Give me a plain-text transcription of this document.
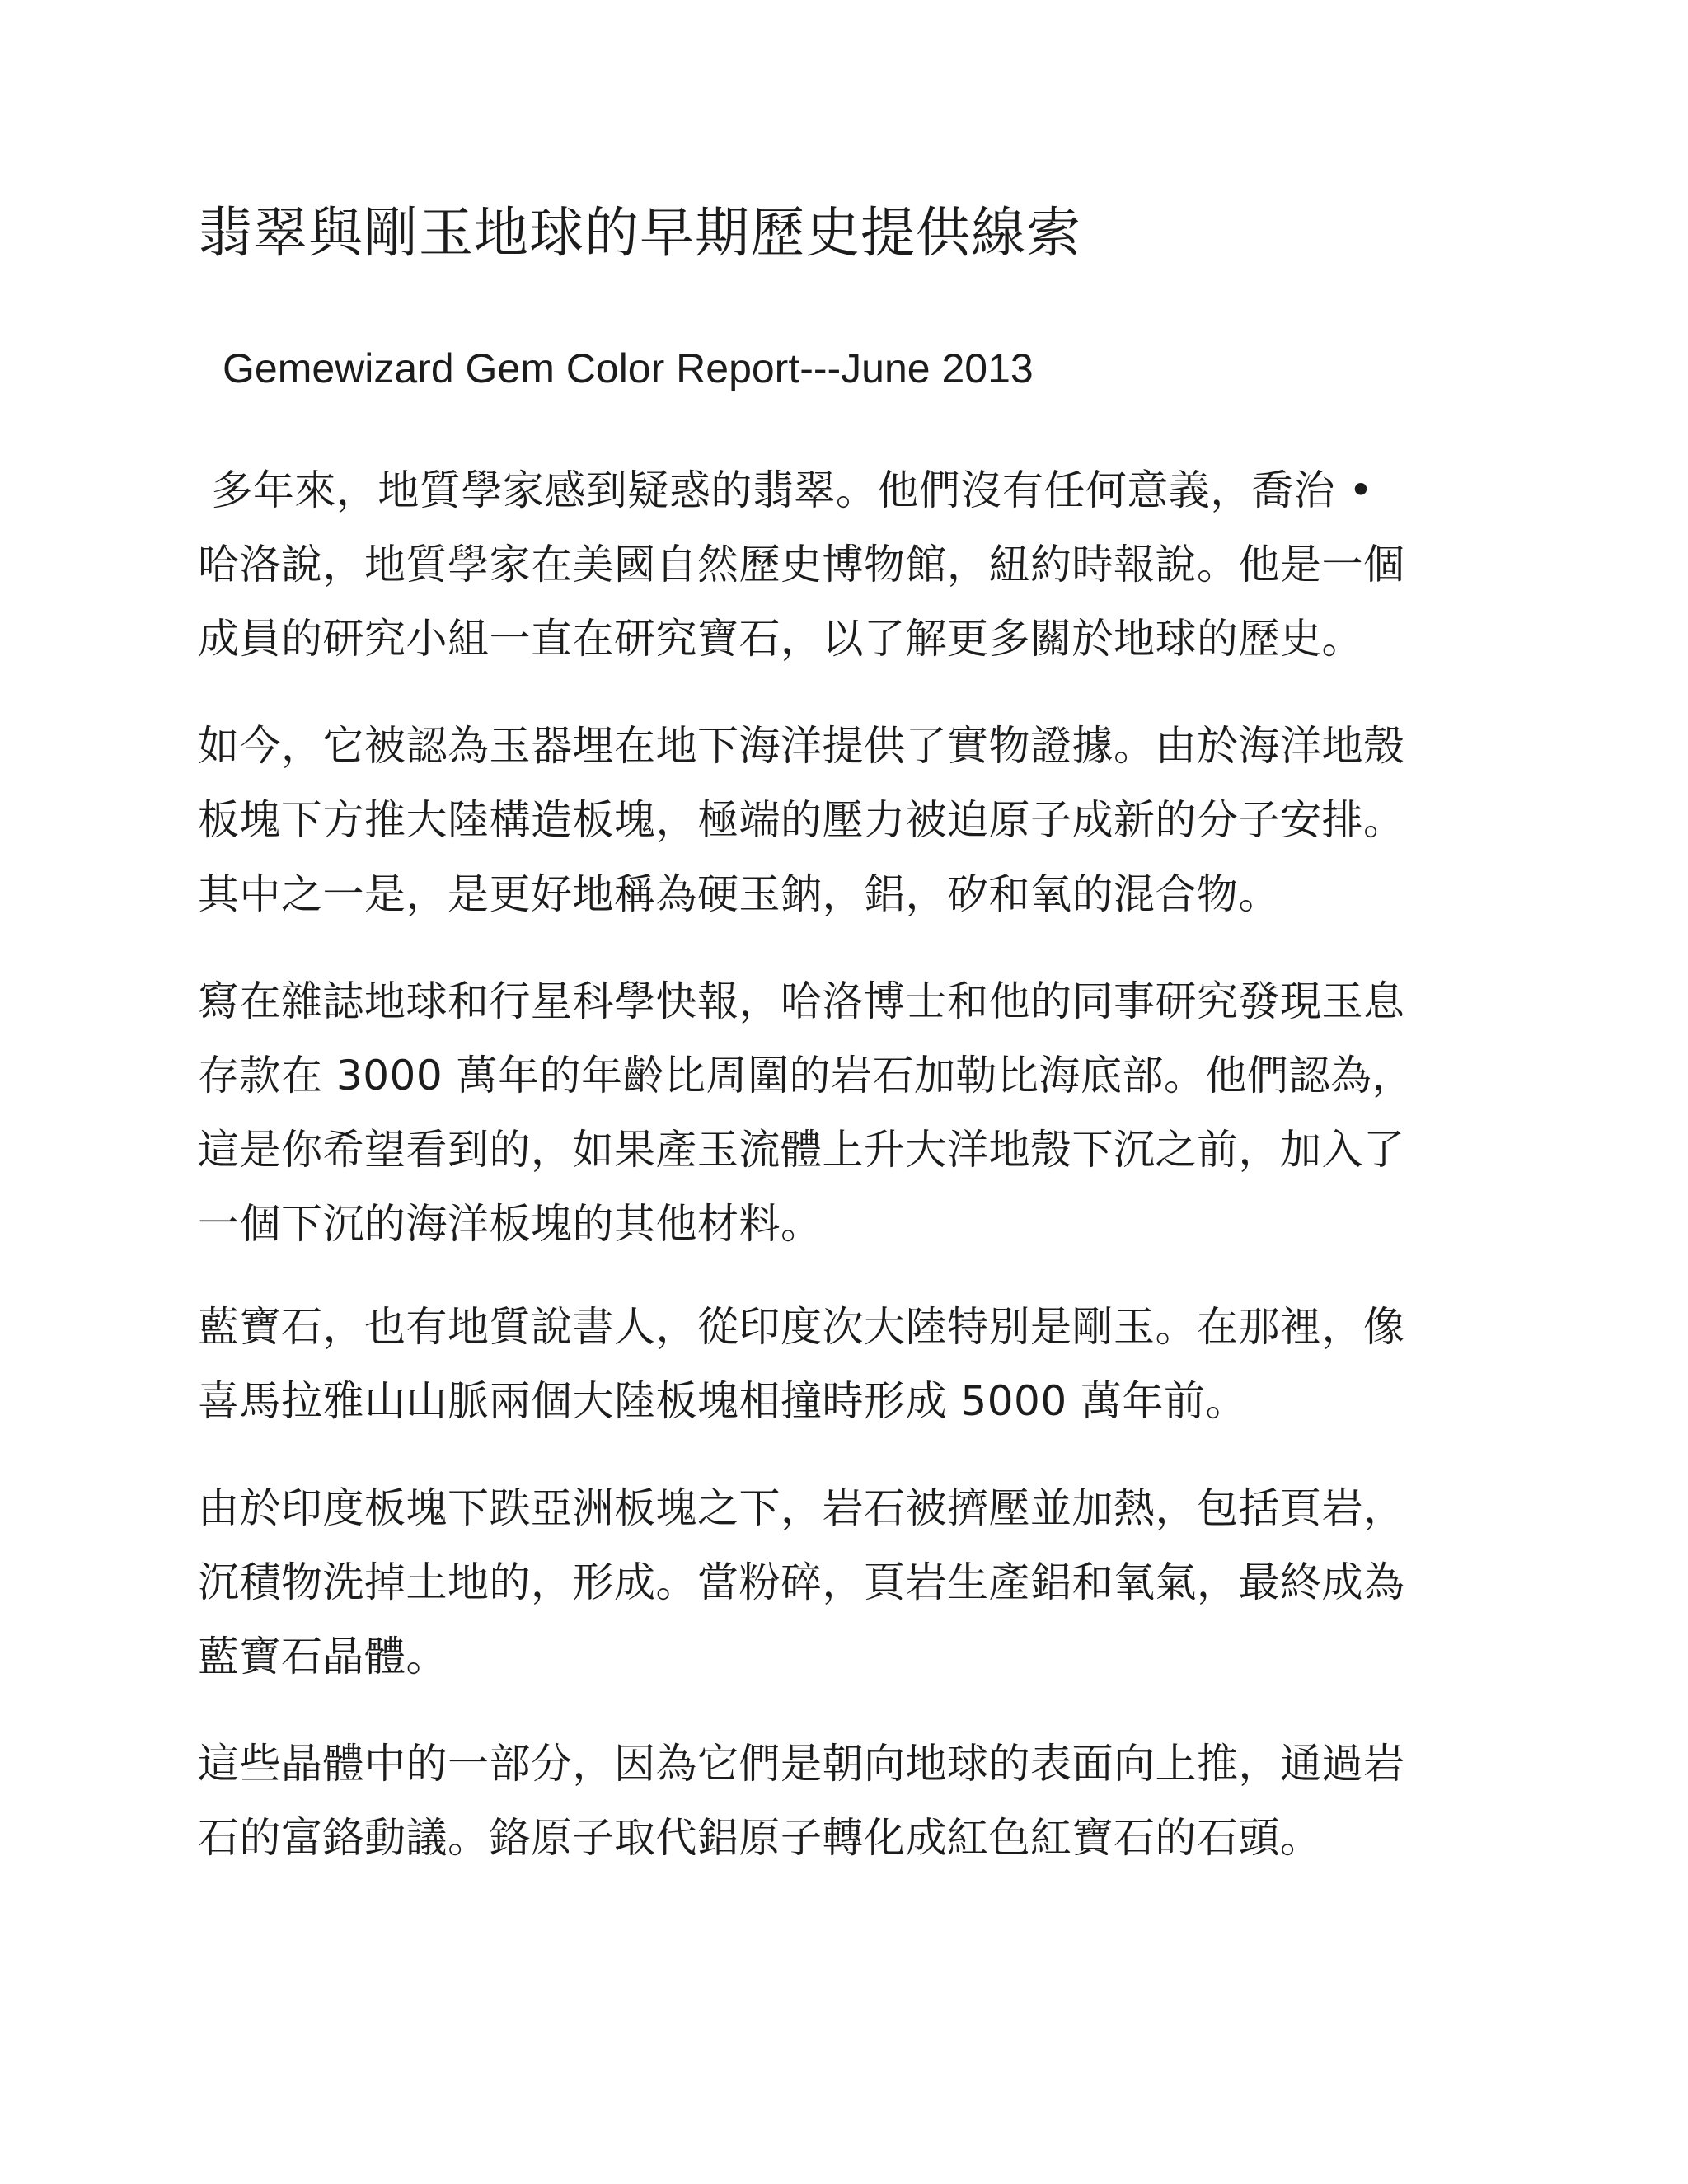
翡翠與剛玉地球的早期歷史提供線索

Gemewizard Gem Color Report---June 2013

多年來，地質學家感到疑惑的翡翠。他們沒有任何意義，喬治 •
哈洛說，地質學家在美國自然歷史博物館，紐約時報說。他是一個
成員的研究小組一直在研究寶石，以了解更多關於地球的歷史。
如今，它被認為玉器埋在地下海洋提供了實物證據。由於海洋地殼
板塊下方推大陸構造板塊，極端的壓力被迫原子成新的分子安排。
其中之一是，是更好地稱為硬玉鈉，鋁，矽和氧的混合物。
寫在雜誌地球和行星科學快報，哈洛博士和他的同事研究發現玉息
存款在 3000 萬年的年齡比周圍的岩石加勒比海底部。他們認為，
這是你希望看到的，如果產玉流體上升大洋地殼下沉之前，加入了
一個下沉的海洋板塊的其他材料。
藍寶石，也有地質說書人，從印度次大陸特別是剛玉。在那裡，像
喜馬拉雅山山脈兩個大陸板塊相撞時形成 5000 萬年前。
由於印度板塊下跌亞洲板塊之下，岩石被擠壓並加熱，包括頁岩，
沉積物洗掉土地的，形成。當粉碎，頁岩生產鋁和氧氣，最終成為
藍寶石晶體。
這些晶體中的一部分，因為它們是朝向地球的表面向上推，通過岩
石的富鉻動議。鉻原子取代鋁原子轉化成紅色紅寶石的石頭。
